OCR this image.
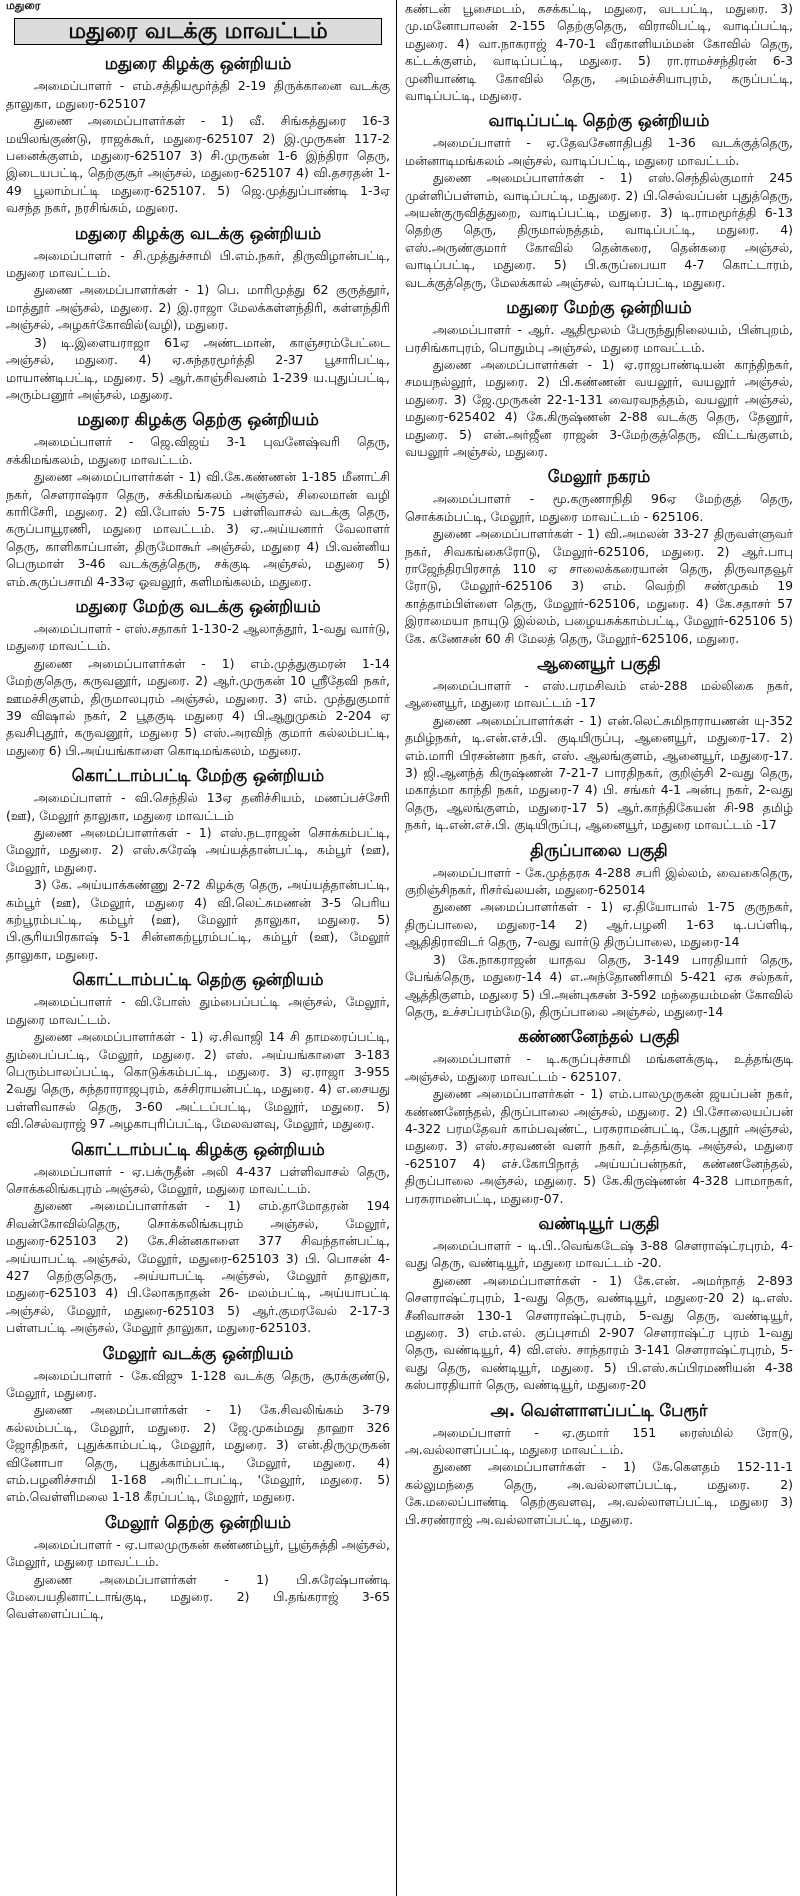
மதுரை
மதுரை வடக்கு மாவட்டம்
மதுரை கிழக்கு ஒன்றியம்

அமைப்பாளர் - எம்.சத்தியமூர்த்தி 2-19 திருக்கானை வடக்கு தாலுகா, மதுரை-625107

துணை அமைப்பாளர்கள் - 1) வீ. சிங்கத்துரை 16-3 மயிலங்குண்டு, ராஜக்கூர், மதுரை-625107 2) இ.முருகன் 117-2 பனைக்குளம், மதுரை-625107 3) சி.முருகன் 1-6 இந்திரா தெரு, இடையபட்டி, தெற்குசூர் அஞ்சல், மதுரை-625107 4) வி.தசரதன் 1-49 பூலாம்பட்டி மதுரை-625107. 5) ஜெ.முத்துப்பாண்டி 1-3ஏ வசந்த நகர், நரசிங்கம், மதுரை.

மதுரை கிழக்கு வடக்கு ஒன்றியம்

அமைப்பாளர் - சி.முத்துச்சாமி பி.எம்.நகர், திருவிழான்பட்டி, மதுரை மாவட்டம்.

துணை அமைப்பாளர்கள் - 1) பெ. மாரிமுத்து 62 குருத்தூர், மாத்தூர் அஞ்சல், மதுரை. 2) இ.ராஜா மேலக்கள்ளந்திரி, கள்ளந்திரி அஞ்சல், அழகர்கோவில்(வழி), மதுரை.

3) டி.இளையராஜா 61ஏ அண்டமான், காஞ்சரம்பேட்டை அஞ்சல், மதுரை. 4) ஏ.சுந்தரமூர்த்தி 2-37 பூசாரிபட்டி, மாயாண்டிபட்டி, மதுரை. 5) ஆர்.காஞ்சிவனம் 1-239 ய.புதுப்பட்டி, அரும்பனூர் அஞ்சல், மதுரை.

மதுரை கிழக்கு தெற்கு ஒன்றியம்

அமைப்பாளர் - ஜெ.விஜய் 3-1 புவனேஷ்வரி தெரு, சக்கிமங்கலம், மதுரை மாவட்டம்.

துணை அமைப்பாளர்கள் - 1) வி.கே.கண்ணன் 1-185 மீனாட்சி நகர், சௌராஷ்ரா தெரு, சக்கிமங்கலம் அஞ்சல், சிலைமான் வழி காரிசேரி, மதுரை. 2) வி.போஸ் 5-75 பள்ளிவாசல் வடக்கு தெரு, கருப்பாயூரணி, மதுரை மாவட்டம். 3) ஏ.அய்யனார் வேலாளர் தெரு, காளிகாப்பான், திருமோகூர் அஞ்சல், மதுரை 4) பி.வன்னிய பெருமாள் 3-46 வடக்குத்தெரு, சக்குடி அஞ்சல், மதுரை 5) எம்.கருப்பசாமி 4-33ஏ ஓவலூர், களிமங்கலம், மதுரை.

மதுரை மேற்கு வடக்கு ஒன்றியம்

அமைப்பாளர் - எஸ்.சதாகர் 1-130-2 ஆலாத்தூர், 1-வது வார்டு, மதுரை மாவட்டம்.

துணை அமைப்பாளர்கள் - 1) எம்.முத்துகுமரன் 1-14 மேற்குதெரு, கருவனூர், மதுரை. 2) ஆர்.முருகன் 10 ஸ்ரீதேவி நகர், ஊமச்சிகுளம், திருமாலபுரம் அஞ்சல், மதுரை. 3) எம். முத்துகுமார் 39 விஷால் நகர், 2 பூதகுடி மதுரை 4) பி.ஆறுமுகம் 2-204 ஏ தவசிபுதூர், கருவனூர், மதுரை 5) எஸ்.அரவிந் குமார் கல்லம்பட்டி, மதுரை 6) பி.அய்யங்காளை கொடிமங்கலம், மதுரை.

கொட்டாம்பட்டி மேற்கு ஒன்றியம்

அமைப்பாளர் - வி.செந்தில் 13ஏ தனிச்சியம், மணப்பச்சேரி (ஊ), மேலூர் தாலுகா, மதுரை மாவட்டம்

துணை அமைப்பாளர்கள் - 1) எஸ்.நடராஜன் சொக்கம்பட்டி, மேலூர், மதுரை. 2) எஸ்.சுரேஷ் அய்யத்தான்பட்டி, கம்பூர் (ஊ), மேலூர், மதுரை.

3) கே. அய்யாக்கண்ணு 2-72 கிழக்கு தெரு, அய்யத்தான்பட்டி, கம்பூர் (ஊ), மேலூர், மதுரை 4) வி.லெட்சுமணன் 3-5 பெரிய கற்பூரம்பட்டி, கம்பூர் (ஊ), மேலூர் தாலுகா, மதுரை. 5) பி.சூரியபிரகாஷ் 5-1 சின்னகற்பூரம்பட்டி, கம்பூர் (ஊ), மேலூர் தாலுகா, மதுரை.

கொட்டாம்பட்டி தெற்கு ஒன்றியம்

அமைப்பாளர் - வி.போஸ் தும்பைப்பட்டி அஞ்சல், மேலூர், மதுரை மாவட்டம்.

துணை அமைப்பாளர்கள் - 1) ஏ.சிவாஜி 14 சி தாமரைப்பட்டி, தும்பைப்பட்டி, மேலூர், மதுரை. 2) எஸ். அய்யங்காளை 3-183 பெரும்பாலப்பட்டி, கொடுக்கம்பட்டி, மதுரை. 3) ஏ.ராஜா 3-955 2வது தெரு, சுந்தராராஜபுரம், கச்சிராயன்பட்டி, மதுரை. 4) எ.சையது பள்ளிவாசல் தெரு, 3-60 அட்டப்பட்டி, மேலூர், மதுரை. 5) வி.செல்வராஜ் 97 அழகாபுரிப்பட்டி, மேலவளவு, மேலூர், மதுரை.

கொட்டாம்பட்டி கிழக்கு ஒன்றியம்

அமைப்பாளர் - ஏ.பக்ருதீன் அலி 4-437 பள்ளிவாசல் தெரு, சொக்கலிங்கபுரம் அஞ்சல், மேலூர், மதுரை மாவட்டம்.

துணை அமைப்பாளர்கள் - 1) எம்.தாமோதரன் 194 சிவன்கோவில்தெரு, சொக்கலிங்கபுரம் அஞ்சல், மேலூர், மதுரை-625103 2) கே.சின்னகாளை 377 சிவந்தான்பட்டி, அய்யாபட்டி அஞ்சல், மேலூர், மதுரை-625103 3) பி. பொசன் 4-427 தெற்குதெரு, அய்யாபட்டி அஞ்சல், மேலூர் தாலுகா, மதுரை-625103 4) பி.லோகநாதன் 26- மலம்பட்டி, அய்யாபட்டி அஞ்சல், மேலூர், மதுரை-625103 5) ஆர்.குமரவேல் 2-17-3 பள்ளபட்டி அஞ்சல், மேலூர் தாலுகா, மதுரை-625103.

மேலூர் வடக்கு ஒன்றியம்

அமைப்பாளர் - கே.விஜு 1-128 வடக்கு தெரு, சூரக்குண்டு, மேலூர், மதுரை.

துணை அமைப்பாளர்கள் - 1) கே.சிவலிங்கம் 3-79 கல்லம்பட்டி, மேலூர், மதுரை. 2) ஜே.முகம்மது தாஹா 326 ஜோதிநகர், புதுக்காம்பட்டி, மேலூர், மதுரை. 3) என்.திருமுருகன் வினோபா தெரு, புதுக்காம்பட்டி, மேலூர், மதுரை. 4) எம்.பழனிச்சாமி 1-168 அரிட்டாபட்டி, 'மேலூர், மதுரை. 5) எம்.வெள்ளிமலை 1-18 கீரப்பட்டி, மேலூர், மதுரை.

மேலூர் தெற்கு ஒன்றியம்

அமைப்பாளர் - ஏ.பாலமுருகன் கண்ணம்பூர், பூஞ்சுத்தி அஞ்சல், மேலூர், மதுரை மாவட்டம்.

துணை அமைப்பாளர்கள் - 1) பி.சுரேஷ்பாண்டி மேபையதினாட்டாங்குடி, மதுரை. 2) பி.தங்கராஜ் 3-65 வெள்ளைப்பட்டி,

கண்டன் பூசைமடம், கசக்கட்டி, மதுரை, வடபட்டி, மதுரை. 3) மு.மனோபாலன் 2-155 தெற்குதெரு, விராலிபட்டி, வாடிப்பட்டி, மதுரை. 4) வா.நாகராஜ் 4-70-1 வீரகாளியம்மன் கோவில் தெரு, கட்டக்குளம், வாடிப்பட்டி, மதுரை. 5) ரா.ராமச்சந்திரன் 6-3 முனியாண்டி கோவில் தெரு, அம்மச்சியாபுரம், கருப்பட்டி, வாடிப்பட்டி, மதுரை.

வாடிப்பட்டி தெற்கு ஒன்றியம்

அமைப்பாளர் - ஏ.தேவசேனாதிபதி 1-36 வடக்குத்தெரு, மன்னாடிமங்கலம் அஞ்சல், வாடிப்பட்டி, மதுரை மாவட்டம்.

துணை அமைப்பாளர்கள் - 1) எஸ்.செந்தில்குமார் 245 முள்ளிப்பள்ளம், வாடிப்பட்டி, மதுரை. 2) பி.செல்வப்பன் புதுத்தெரு, அயன்குருவித்துறை, வாடிப்பட்டி, மதுரை. 3) டி.ராமமூர்த்தி 6-13 தெற்கு தெரு, திருமால்நத்தம், வாடிப்பட்டி, மதுரை. 4) எஸ்.அருண்குமார் கோவில் தென்கரை, தென்கரை அஞ்சல், வாடிப்பட்டி, மதுரை. 5) பி.கருப்பையா 4-7 கொட்டாரம், வடக்குத்தெரு, மேலக்கால் அஞ்சல், வாடிப்பட்டி, மதுரை.

மதுரை மேற்கு ஒன்றியம்

அமைப்பாளர் - ஆர். ஆதிமூலம் பேருந்துநிலையம், பின்புறம், பரசிங்காபுரம், பொதும்பு அஞ்சல், மதுரை மாவட்டம்.

துணை அமைப்பாளர்கள் - 1) ஏ.ராஜபாண்டியன் காந்திநகர், சமயநல்லூர், மதுரை. 2) பி.கண்ணன் வயலூர், வயலூர் அஞ்சல், மதுரை. 3) ஜே.முருகன் 22-1-131 வைரவநத்தம், வயலூர் அஞ்சல், மதுரை-625402 4) கே.கிருஷ்ணன் 2-88 வடக்கு தெரு, தேனூர், மதுரை. 5) என்.அர்ஜீன ராஜன் 3-மேற்குத்தெரு, விட்டங்குளம், வயலூர் அஞ்சல், மதுரை.

மேலூர் நகரம்

அமைப்பாளர் - மூ.கருணாநிதி 96ஏ மேற்குத் தெரு, சொக்கம்பட்டி, மேலூர், மதுரை மாவட்டம் - 625106.

துணை அமைப்பாளர்கள் - 1) வி.அமலன் 33-27 திருவள்ளுவர் நகர், சிவகங்கைரோடு, மேலூர்-625106, மதுரை. 2) ஆர்.பாபு ராஜேந்திரபிரசாத் 110 ஏ சாலைக்கரையான் தெரு, திருவாதவூர் ரோடு, மேலூர்-625106 3) எம். வெற்றி சண்முகம் 19 காத்தாம்பிள்ளை தெரு, மேலூர்-625106, மதுரை. 4) கே.சதாசர் 57 இராமையா நாயுடு இல்லம், பழையசுக்காம்பட்டி, மேலூர்-625106 5) கே. கணேசன் 60 சி மேலத் தெரு, மேலூர்-625106, மதுரை.

ஆனையூர் பகுதி

அமைப்பாளர் - எஸ்.பரமசிவம் எல்-288 மல்லிகை நகர், ஆனையூர், மதுரை மாவட்டம் -17

துணை அமைப்பாளர்கள் - 1) என்.லெட்சுமிநாராயணன் யு-352 தமிழ்நகர், டி.என்.எச்.பி. குடியிருப்பு, ஆனையூர், மதுரை-17. 2) எம்.மாரி பிரசன்னா நகர், எஸ். ஆலங்குளம், ஆனையூர், மதுரை-17. 3) ஜி.ஆனந்த் கிருஷ்ணன் 7-21-7 பாரதிநகர், குறிஞ்சி 2-வது தெரு, மகாத்மா காந்தி நகர், மதுரை-7 4) பி. சங்கர் 4-1 அன்பு நகர், 2-வது தெரு, ஆலங்குளம், மதுரை-17 5) ஆர்.காந்திகேயன் சி-98 தமிழ் நகர், டி.என்.எச்.பி. குடியிருப்பு, ஆனையூர், மதுரை மாவட்டம் -17

திருப்பாலை பகுதி

அமைப்பாளர் - கே.முத்தரசு 4-288 சபரி இல்லம், வைகைதெரு, குறிஞ்சிநகர், ரிசர்வ்லயன், மதுரை-625014

துணை அமைப்பாளர்கள் - 1) ஏ.தியோபால் 1-75 குருநகர், திருப்பாலை, மதுரை-14 2) ஆர்.பழனி 1-63 டி.பப்ளிடி, ஆதிதிராவிடர் தெரு, 7-வது வார்டு திருப்பாலை, மதுரை-14

3) கே.நாகராஜன் யாதவ தெரு, 3-149 பாரதியார் தெரு, பேங்க்தெரு, மதுரை-14 4) எ.அந்தோணிசாமி 5-421 ஏசு சல்நகர், ஆத்திகுளம், மதுரை 5) பி.அன்புகசன் 3-592 மந்தையம்மன் கோவில் தெரு, உச்சப்பரம்மேடு, திருப்பாலை அஞ்சல், மதுரை-14

கண்ணனேந்தல் பகுதி

அமைப்பாளர் - டி.கருப்புச்சாமி மங்களக்குடி, உத்தங்குடி அஞ்சல், மதுரை மாவட்டம் - 625107.

துணை அமைப்பாளர்கள் - 1) எம்.பாலமுருகன் ஜயப்பன் நகர், கண்ணனேந்தல், திருப்பாலை அஞ்சல், மதுரை. 2) பி.சோலையப்பன் 4-322 பரமதேவர் காம்பவுண்ட், பரசுராமன்பட்டி, கே.புதூர் அஞ்சல், மதுரை. 3) எஸ்.சரவணன் வளர் நகர், உத்தங்குடி அஞ்சல், மதுரை -625107 4) எச்.கோபிநாத் அய்யப்பன்நகர், கண்ணனேந்தல், திருப்பாலை அஞ்சல், மதுரை. 5) கே.கிருஷ்ணன் 4-328 பாமாநகர், பரசுராமன்பட்டி, மதுரை-07.

வண்டியூர் பகுதி

அமைப்பாளர் - டி.பி..வெங்கடேஷ் 3-88 சௌராஷ்ட்ரபுரம், 4-வது தெரு, வண்டியூர், மதுரை மாவட்டம் -20.

துணை அமைப்பாளர்கள் - 1) கே.என். அமர்நாத் 2-893 சௌராஷ்ட்ரபுரம், 1-வது தெரு, வண்டியூர், மதுரை-20 2) டி.எஸ். சீனிவாசன் 130-1 சௌராஷ்ட்ரபுரம், 5-வது தெரு, வண்டியூர், மதுரை. 3) எம்.எல். குப்புசாமி 2-907 சௌராஷ்ட்ர புரம் 1-வது தெரு, வண்டியூர், 4) வி.எஸ். சாந்தாரம் 3-141 சௌராஷ்ட்ரபுரம், 5-வது தெரு, வண்டியூர், மதுரை. 5) பி.எஸ்.சுப்பிரமணியன் 4-38 கஸ்பாரதியார் தெரு, வண்டியூர், மதுரை-20

அ. வெள்ளாளப்பட்டி பேரூர்

அமைப்பாளர் - ஏ.குமார் 151 ரைஸ்மில் ரோடு, அ.வல்லாளப்பட்டி, மதுரை மாவட்டம்.

துணை அமைப்பாளர்கள் - 1) கே.கௌதம் 152-11-1 கல்லுமந்தை தெரு, அ.வல்லாளப்பட்டி, மதுரை. 2) கே.மலைப்பாண்டி தெற்குவளவு, அ.வல்லாளப்பட்டி, மதுரை 3) பி.சரண்ராஜ் அ.வல்லாளப்பட்டி, மதுரை.
